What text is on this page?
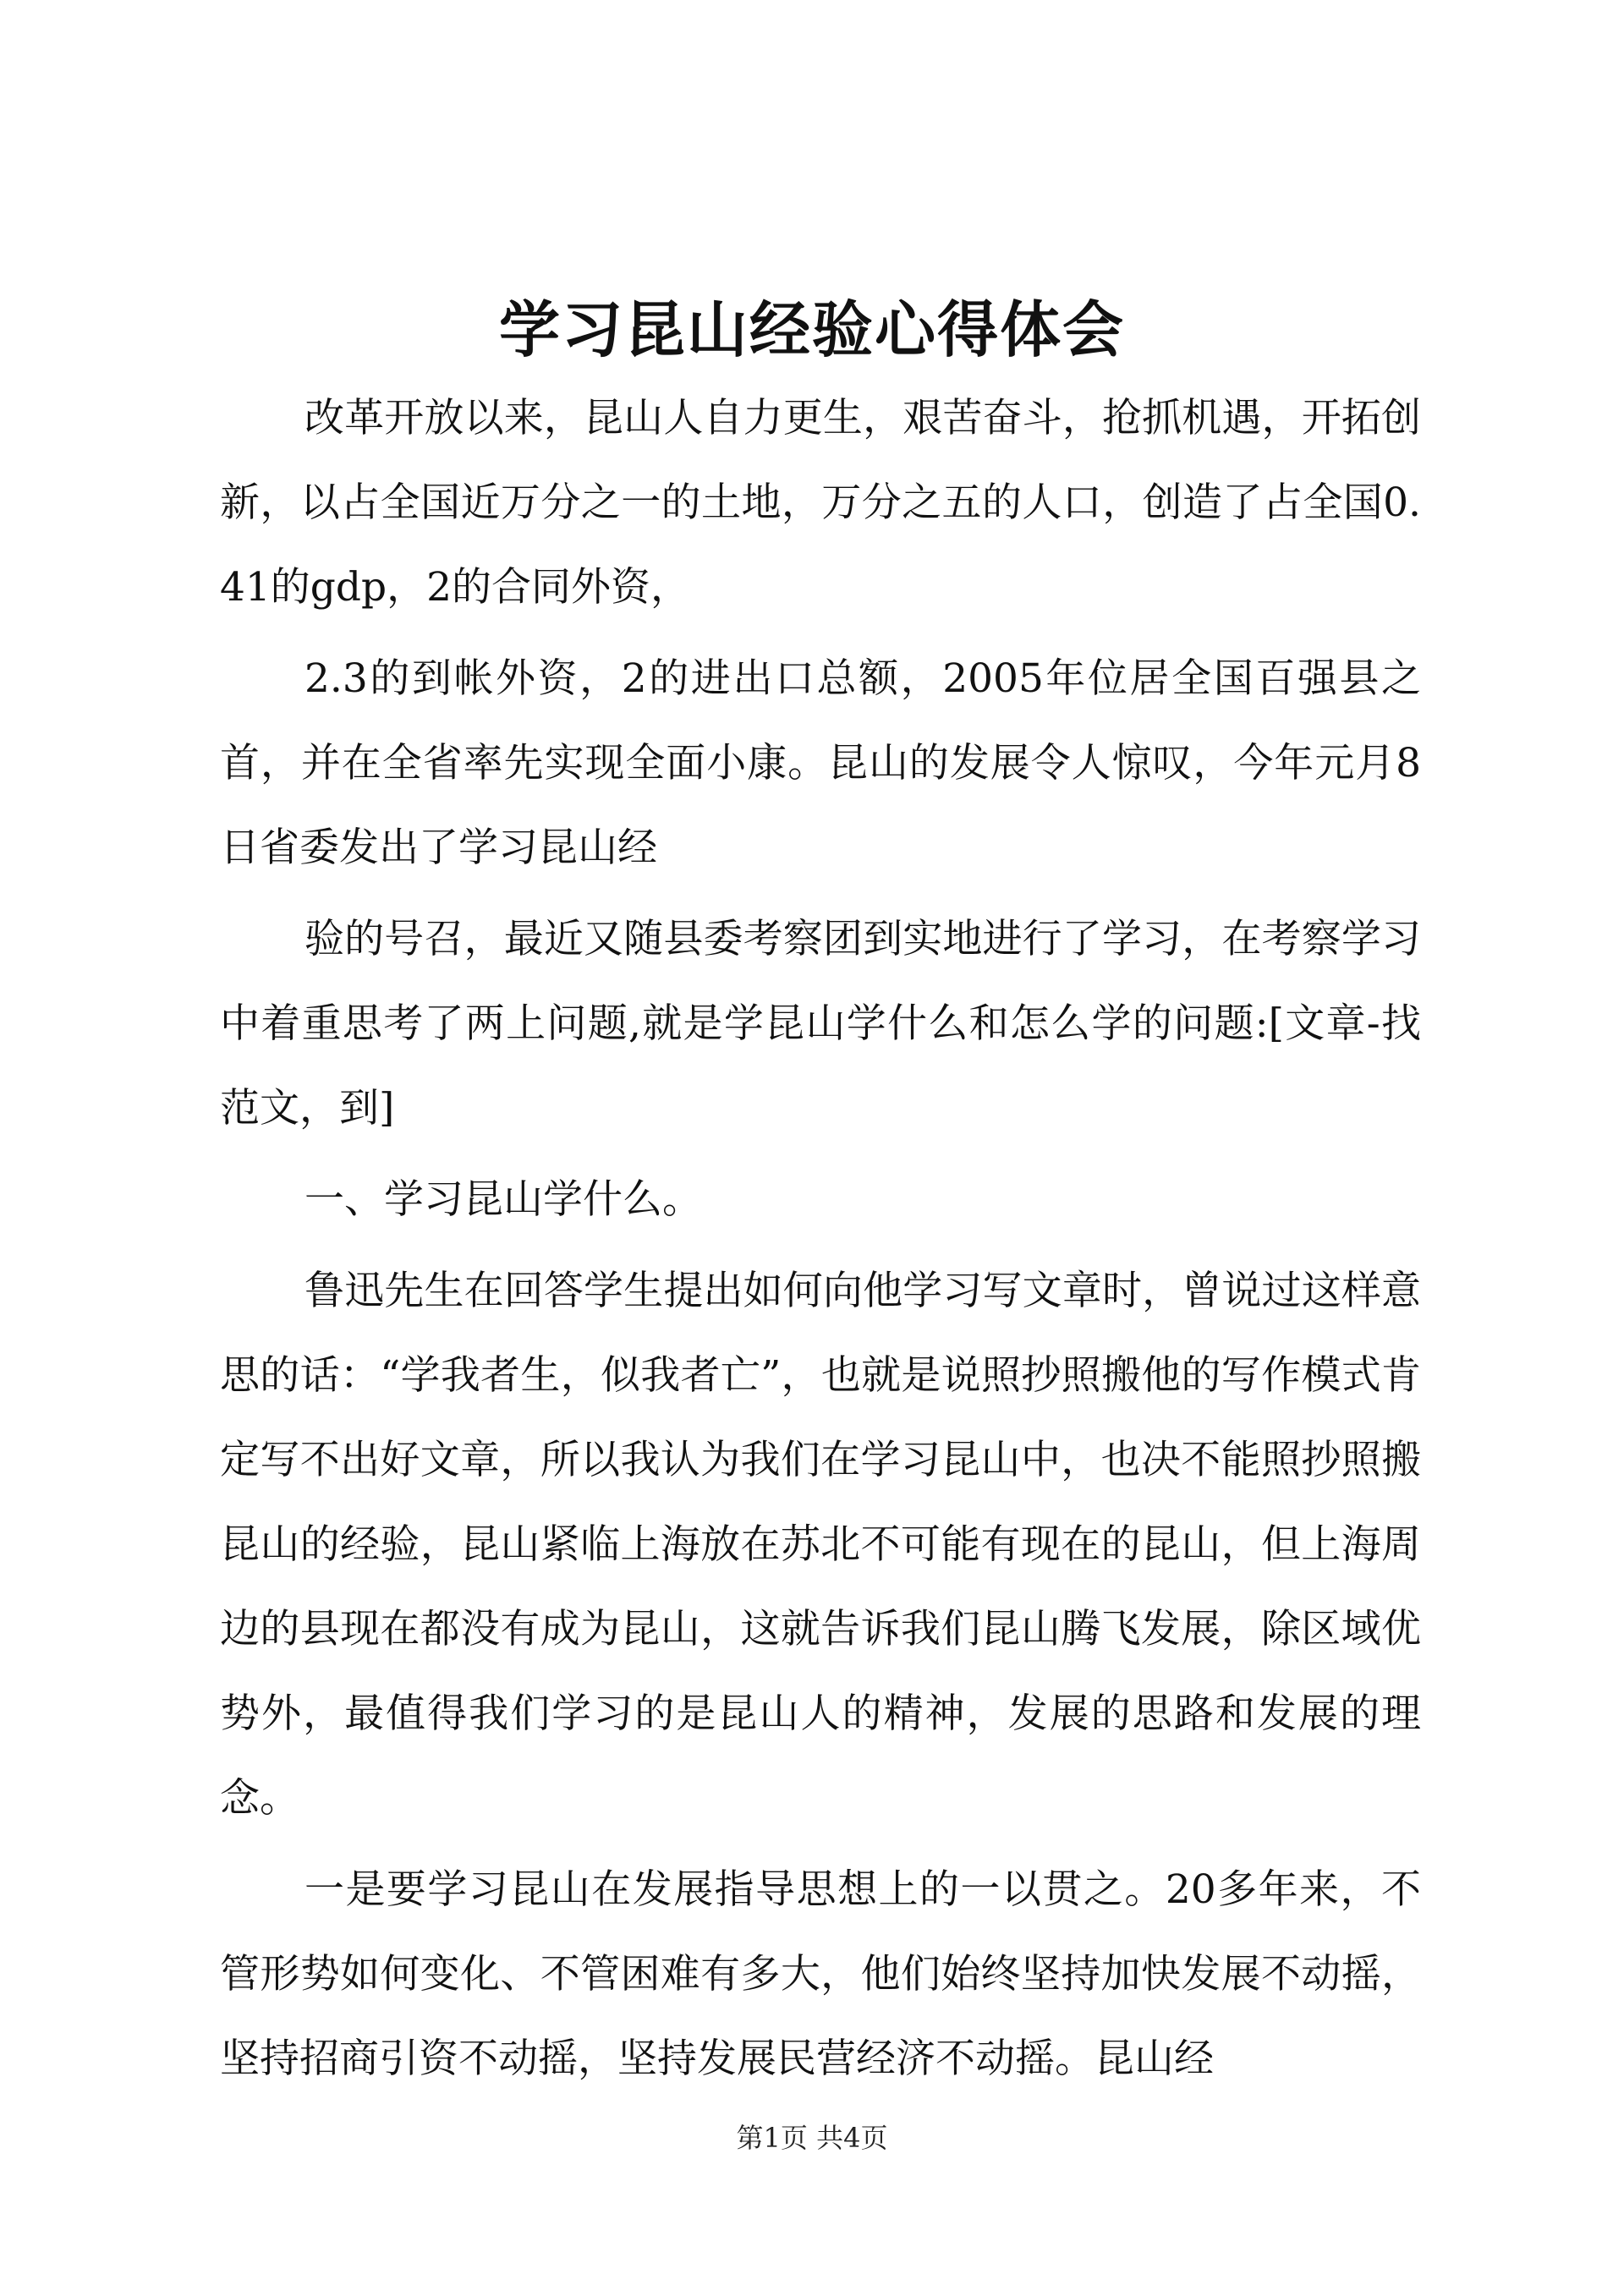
学习昆山经验心得体会

改革开放以来，昆山人自力更生，艰苦奋斗，抢抓机遇，开拓创新，以占全国近万分之一的土地，万分之五的人口，创造了占全国0.41的gdp，2的合同外资，

2.3的到帐外资，2的进出口总额，2005年位居全国百强县之首，并在全省率先实现全面小康。昆山的发展令人惊叹，今年元月8日省委发出了学习昆山经

验的号召，最近又随县委考察团到实地进行了学习，在考察学习中着重思考了两上问题,就是学昆山学什么和怎么学的问题:[文章-找范文，到]

一、学习昆山学什么。

鲁迅先生在回答学生提出如何向他学习写文章时，曾说过这样意思的话：“学我者生，似我者亡”，也就是说照抄照搬他的写作模式肯定写不出好文章，所以我认为我们在学习昆山中，也决不能照抄照搬昆山的经验，昆山紧临上海放在苏北不可能有现在的昆山，但上海周边的县现在都没有成为昆山，这就告诉我们昆山腾飞发展，除区域优势外，最值得我们学习的是昆山人的精神，发展的思路和发展的理念。

一是要学习昆山在发展指导思想上的一以贯之。20多年来，不管形势如何变化、不管困难有多大，他们始终坚持加快发展不动摇，坚持招商引资不动摇，坚持发展民营经济不动摇。昆山经

第1页 共4页
